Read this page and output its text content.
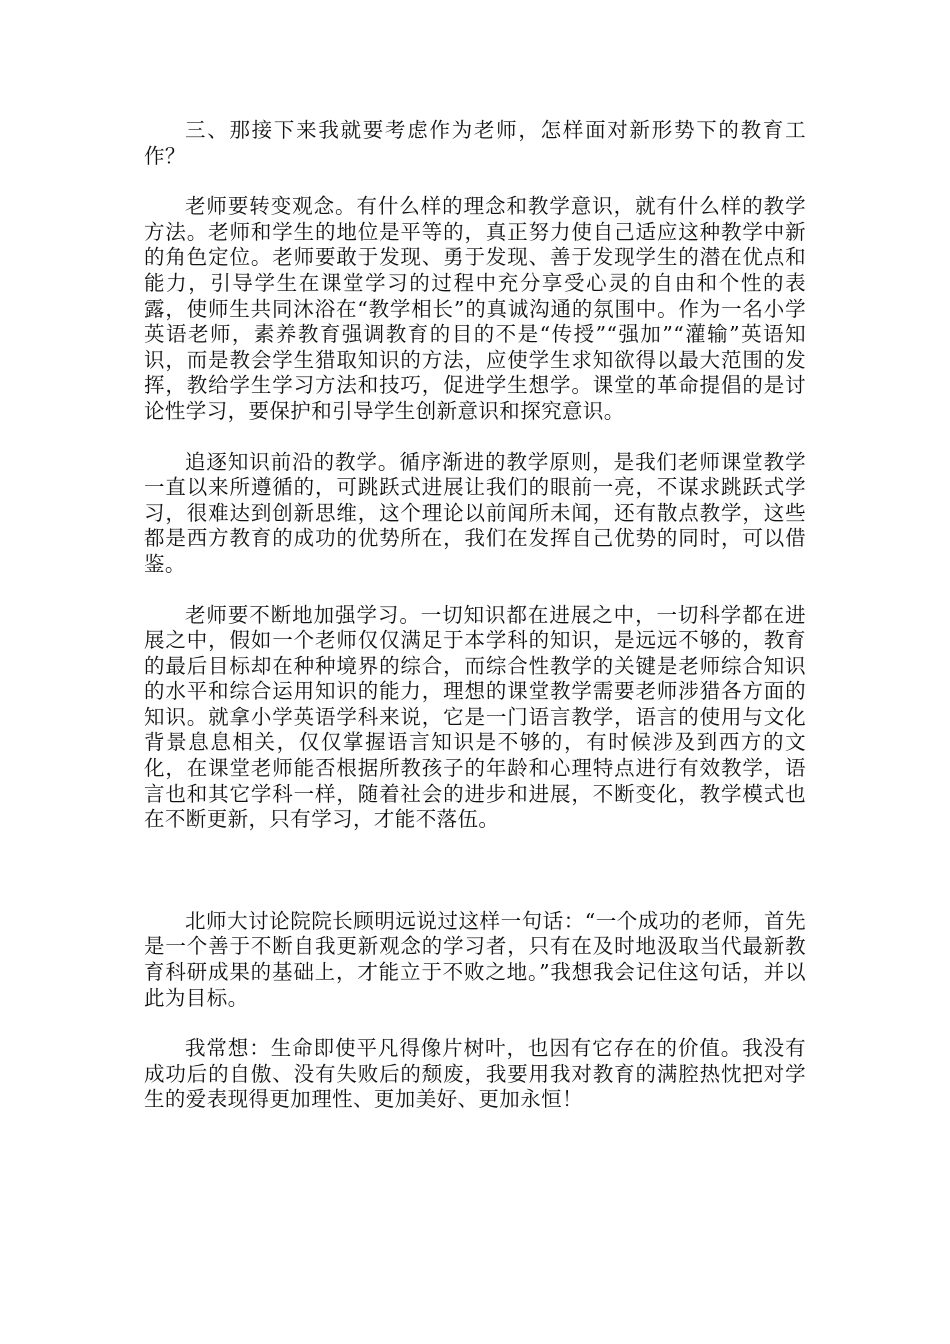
三、那接下来我就要考虑作为老师，怎样面对新形势下的教育工作？

老师要转变观念。有什么样的理念和教学意识，就有什么样的教学方法。老师和学生的地位是平等的，真正努力使自己适应这种教学中新的角色定位。老师要敢于发现、勇于发现、善于发现学生的潜在优点和能力，引导学生在课堂学习的过程中充分享受心灵的自由和个性的表露，使师生共同沐浴在“教学相长”的真诚沟通的氛围中。作为一名小学英语老师，素养教育强调教育的目的不是“传授”“强加”“灌输”英语知识，而是教会学生猎取知识的方法，应使学生求知欲得以最大范围的发挥，教给学生学习方法和技巧，促进学生想学。课堂的革命提倡的是讨论性学习，要保护和引导学生创新意识和探究意识。

追逐知识前沿的教学。循序渐进的教学原则，是我们老师课堂教学一直以来所遵循的，可跳跃式进展让我们的眼前一亮，不谋求跳跃式学习，很难达到创新思维，这个理论以前闻所未闻，还有散点教学，这些都是西方教育的成功的优势所在，我们在发挥自己优势的同时，可以借鉴。

老师要不断地加强学习。一切知识都在进展之中，一切科学都在进展之中，假如一个老师仅仅满足于本学科的知识，是远远不够的，教育的最后目标却在种种境界的综合，而综合性教学的关键是老师综合知识的水平和综合运用知识的能力，理想的课堂教学需要老师涉猎各方面的知识。就拿小学英语学科来说，它是一门语言教学，语言的使用与文化背景息息相关，仅仅掌握语言知识是不够的，有时候涉及到西方的文化，在课堂老师能否根据所教孩子的年龄和心理特点进行有效教学，语言也和其它学科一样，随着社会的进步和进展，不断变化，教学模式也在不断更新，只有学习，才能不落伍。

北师大讨论院院长顾明远说过这样一句话：“一个成功的老师，首先是一个善于不断自我更新观念的学习者，只有在及时地汲取当代最新教育科研成果的基础上，才能立于不败之地。”我想我会记住这句话，并以此为目标。

我常想：生命即使平凡得像片树叶，也因有它存在的价值。我没有成功后的自傲、没有失败后的颓废，我要用我对教育的满腔热忱把对学生的爱表现得更加理性、更加美好、更加永恒！
